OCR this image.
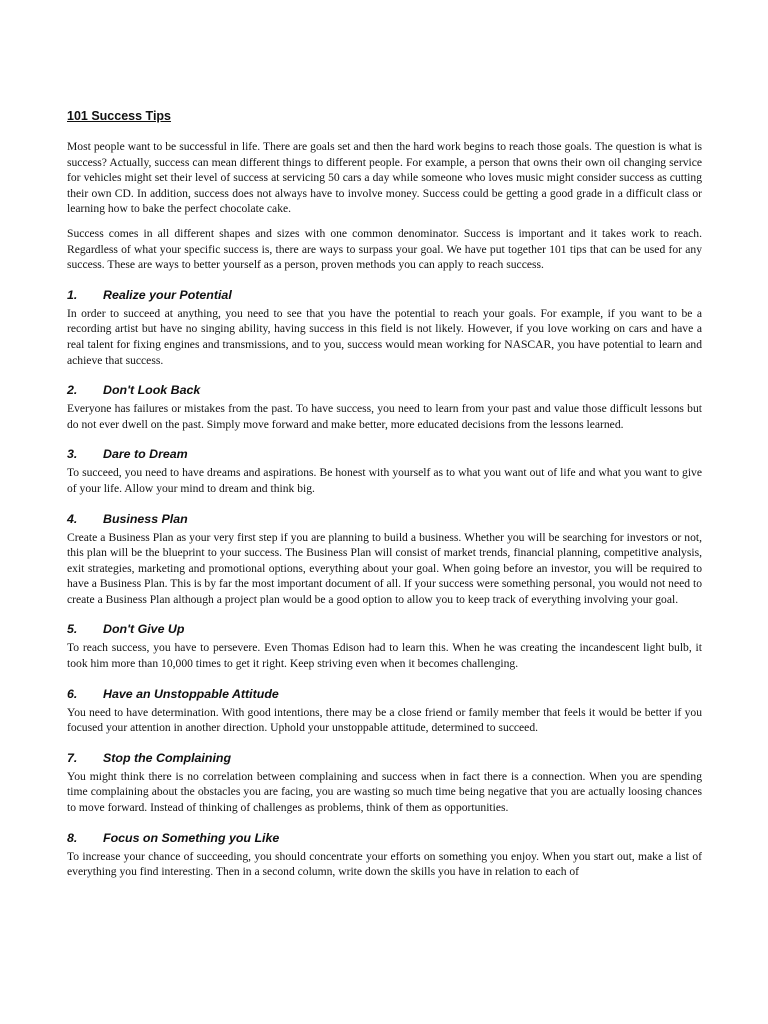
101 Success Tips

Most people want to be successful in life. There are goals set and then the hard work begins to reach those goals. The question is what is success? Actually, success can mean different things to different people. For example, a person that owns their own oil changing service for vehicles might set their level of success at servicing 50 cars a day while someone who loves music might consider success as cutting their own CD. In addition, success does not always have to involve money. Success could be getting a good grade in a difficult class or learning how to bake the perfect chocolate cake.

Success comes in all different shapes and sizes with one common denominator. Success is important and it takes work to reach. Regardless of what your specific success is, there are ways to surpass your goal. We have put together 101 tips that can be used for any success. These are ways to better yourself as a person, proven methods you can apply to reach success.

1.	Realize your Potential

In order to succeed at anything, you need to see that you have the potential to reach your goals. For example, if you want to be a recording artist but have no singing ability, having success in this field is not likely. However, if you love working on cars and have a real talent for fixing engines and transmissions, and to you, success would mean working for NASCAR, you have potential to learn and achieve that success.

2.	Don't Look Back

Everyone has failures or mistakes from the past. To have success, you need to learn from your past and value those difficult lessons but do not ever dwell on the past. Simply move forward and make better, more educated decisions from the lessons learned.

3.	Dare to Dream

To succeed, you need to have dreams and aspirations. Be honest with yourself as to what you want out of life and what you want to give of your life. Allow your mind to dream and think big.

4.	Business Plan

Create a Business Plan as your very first step if you are planning to build a business. Whether you will be searching for investors or not, this plan will be the blueprint to your success. The Business Plan will consist of market trends, financial planning, competitive analysis, exit strategies, marketing and promotional options, everything about your goal. When going before an investor, you will be required to have a Business Plan. This is by far the most important document of all. If your success were something personal, you would not need to create a Business Plan although a project plan would be a good option to allow you to keep track of everything involving your goal.

5.	Don't Give Up

To reach success, you have to persevere. Even Thomas Edison had to learn this. When he was creating the incandescent light bulb, it took him more than 10,000 times to get it right. Keep striving even when it becomes challenging.

6.	Have an Unstoppable Attitude

You need to have determination. With good intentions, there may be a close friend or family member that feels it would be better if you focused your attention in another direction. Uphold your unstoppable attitude, determined to succeed.

7.	Stop the Complaining

You might think there is no correlation between complaining and success when in fact there is a connection. When you are spending time complaining about the obstacles you are facing, you are wasting so much time being negative that you are actually loosing chances to move forward. Instead of thinking of challenges as problems, think of them as opportunities.

8.	Focus on Something you Like

To increase your chance of succeeding, you should concentrate your efforts on something you enjoy. When you start out, make a list of everything you find interesting. Then in a second column, write down the skills you have in relation to each of
